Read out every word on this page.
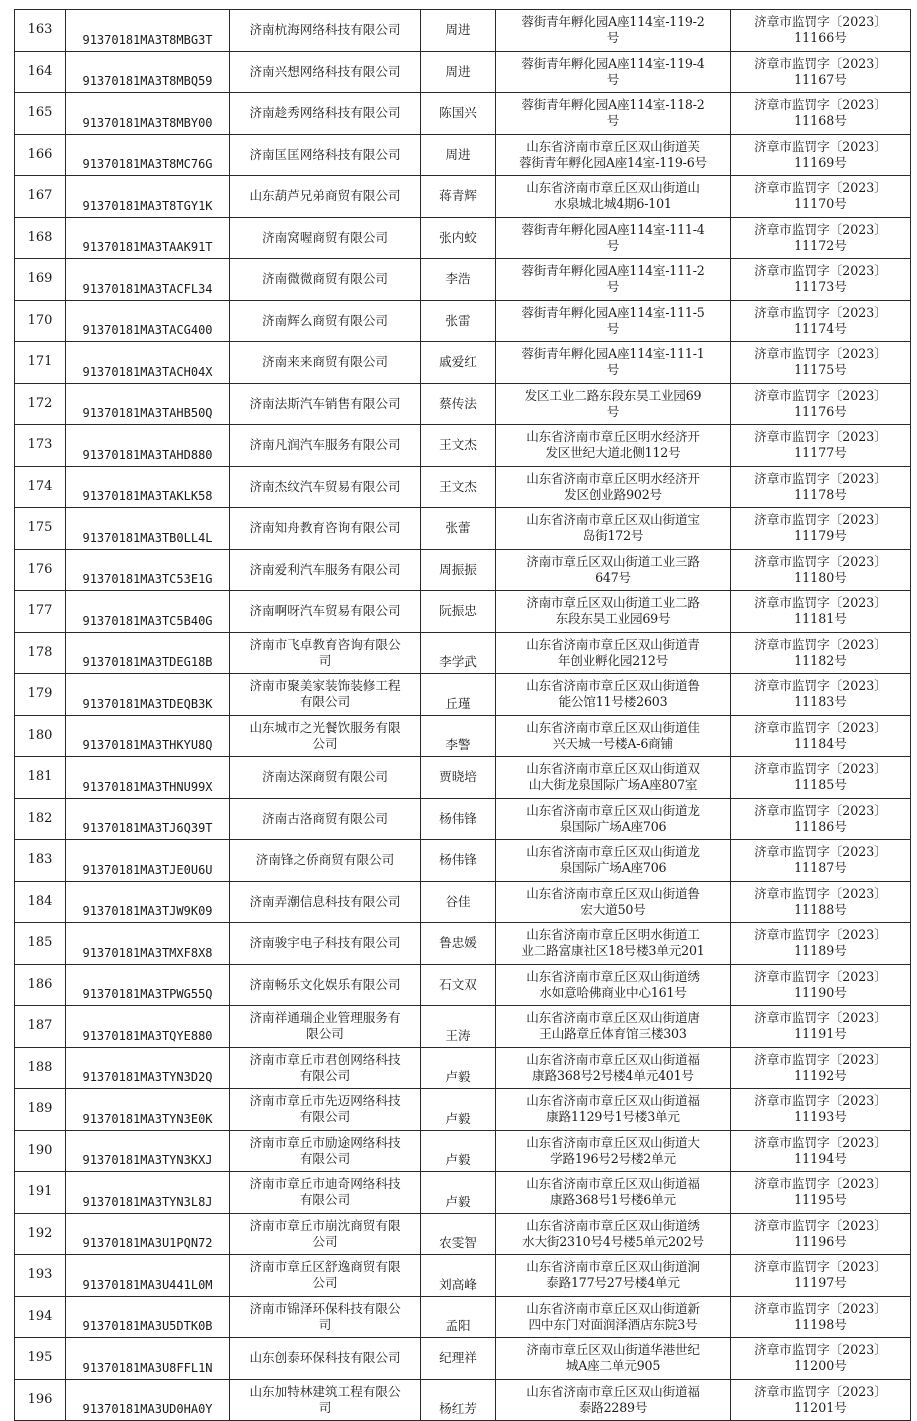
163	91370181MA3T8MBG3T	济南杭海网络科技有限公司	周进	蓉街青年孵化园A座114室-119-2
号	济章市监罚字〔2023〕
11166号

164	91370181MA3T8MBQ59	济南兴想网络科技有限公司	周进	蓉街青年孵化园A座114室-119-4
号	济章市监罚字〔2023〕
11167号

165	91370181MA3T8MBY00	济南趁秀网络科技有限公司	陈国兴	蓉街青年孵化园A座114室-118-2
号	济章市监罚字〔2023〕
11168号

166	91370181MA3T8MC76G	济南匡匡网络科技有限公司	周进	山东省济南市章丘区双山街道芙
蓉街青年孵化园A座14室-119-6号	济章市监罚字〔2023〕
11169号

167	91370181MA3T8TGY1K	山东葫芦兄弟商贸有限公司	蒋青辉	山东省济南市章丘区双山街道山
水泉城北城4期6-101	济章市监罚字〔2023〕
11170号

168	91370181MA3TAAK91T	济南窝喔商贸有限公司	张内蛟	蓉街青年孵化园A座114室-111-4
号	济章市监罚字〔2023〕
11172号

169	91370181MA3TACFL34	济南微微商贸有限公司	李浩	蓉街青年孵化园A座114室-111-2
号	济章市监罚字〔2023〕
11173号

170	91370181MA3TACG400	济南辉么商贸有限公司	张雷	蓉街青年孵化园A座114室-111-5
号	济章市监罚字〔2023〕
11174号

171	91370181MA3TACH04X	济南来来商贸有限公司	戚爱红	蓉街青年孵化园A座114室-111-1
号	济章市监罚字〔2023〕
11175号

172	91370181MA3TAHB50Q	济南法斯汽车销售有限公司	蔡传法	发区工业二路东段东昊工业园69
号	济章市监罚字〔2023〕
11176号

173	91370181MA3TAHD880	济南凡润汽车服务有限公司	王文杰	山东省济南市章丘区明水经济开
发区世纪大道北侧112号	济章市监罚字〔2023〕
11177号

174	91370181MA3TAKLK58	济南杰纹汽车贸易有限公司	王文杰	山东省济南市章丘区明水经济开
发区创业路902号	济章市监罚字〔2023〕
11178号

175	91370181MA3TB0LL4L	济南知舟教育咨询有限公司	张蕾	山东省济南市章丘区双山街道宝
岛街172号	济章市监罚字〔2023〕
11179号

176	91370181MA3TC53E1G	济南爱利汽车服务有限公司	周振振	济南市章丘区双山街道工业三路
647号	济章市监罚字〔2023〕
11180号

177	91370181MA3TC5B40G	济南啊呀汽车贸易有限公司	阮振忠	济南市章丘区双山街道工业二路
东段东昊工业园69号	济章市监罚字〔2023〕
11181号

178	91370181MA3TDEG18B	济南市飞卓教育咨询有限公
司	李学武	山东省济南市章丘区双山街道青
年创业孵化园212号	济章市监罚字〔2023〕
11182号

179	91370181MA3TDEQB3K	济南市聚美家装饰装修工程
有限公司	丘瑾	山东省济南市章丘区双山街道鲁
能公馆11号楼2603	济章市监罚字〔2023〕
11183号

180	91370181MA3THKYU8Q	山东城市之光餐饮服务有限
公司	李警	山东省济南市章丘区双山街道佳
兴天城一号楼A-6商铺	济章市监罚字〔2023〕
11184号

181	91370181MA3THNU99X	济南达深商贸有限公司	贾晓培	山东省济南市章丘区双山街道双
山大街龙泉国际广场A座807室	济章市监罚字〔2023〕
11185号

182	91370181MA3TJ6Q39T	济南古洛商贸有限公司	杨伟锋	山东省济南市章丘区双山街道龙
泉国际广场A座706	济章市监罚字〔2023〕
11186号

183	91370181MA3TJE0U6U	济南锋之侨商贸有限公司	杨伟锋	山东省济南市章丘区双山街道龙
泉国际广场A座706	济章市监罚字〔2023〕
11187号

184	91370181MA3TJW9K09	济南弄潮信息科技有限公司	谷佳	山东省济南市章丘区双山街道鲁
宏大道50号	济章市监罚字〔2023〕
11188号

185	91370181MA3TMXF8X8	济南骏宇电子科技有限公司	鲁忠媛	山东省济南市章丘区明水街道工
业二路富康社区18号楼3单元201	济章市监罚字〔2023〕
11189号

186	91370181MA3TPWG55Q	济南畅乐文化娱乐有限公司	石文双	山东省济南市章丘区双山街道绣
水如意哈佛商业中心161号	济章市监罚字〔2023〕
11190号

187	91370181MA3TQYE880	济南祥通瑞企业管理服务有
限公司	王涛	山东省济南市章丘区双山街道唐
王山路章丘体育馆三楼303	济章市监罚字〔2023〕
11191号

188	91370181MA3TYN3D2Q	济南市章丘市君创网络科技
有限公司	卢毅	山东省济南市章丘区双山街道福
康路368号2号楼4单元401号	济章市监罚字〔2023〕
11192号

189	91370181MA3TYN3E0K	济南市章丘市先迈网络科技
有限公司	卢毅	山东省济南市章丘区双山街道福
康路1129号1号楼3单元	济章市监罚字〔2023〕
11193号

190	91370181MA3TYN3KXJ	济南市章丘市励途网络科技
有限公司	卢毅	山东省济南市章丘区双山街道大
学路196号2号楼2单元	济章市监罚字〔2023〕
11194号

191	91370181MA3TYN3L8J	济南市章丘市迪奇网络科技
有限公司	卢毅	山东省济南市章丘区双山街道福
康路368号1号楼6单元	济章市监罚字〔2023〕
11195号

192	91370181MA3U1PQN72	济南市章丘市崩沈商贸有限
公司	农雯智	山东省济南市章丘区双山街道绣
水大街2310号4号楼5单元202号	济章市监罚字〔2023〕
11196号

193	91370181MA3U441L0M	济南市章丘区舒逸商贸有限
公司	刘高峰	山东省济南市章丘区双山街道涧
泰路177号27号楼4单元	济章市监罚字〔2023〕
11197号

194	91370181MA3U5DTK0B	济南市锦泽环保科技有限公
司	孟阳	山东省济南市章丘区双山街道新
四中东门对面润泽酒店东院3号	济章市监罚字〔2023〕
11198号

195	91370181MA3U8FFL1N	山东创泰环保科技有限公司	纪理祥	济南市章丘区双山街道华港世纪
城A座二单元905	济章市监罚字〔2023〕
11200号

196	91370181MA3UD0HA0Y	山东加特林建筑工程有限公
司	杨红芳	山东省济南市章丘区双山街道福
泰路2289号	济章市监罚字〔2023〕
11201号
